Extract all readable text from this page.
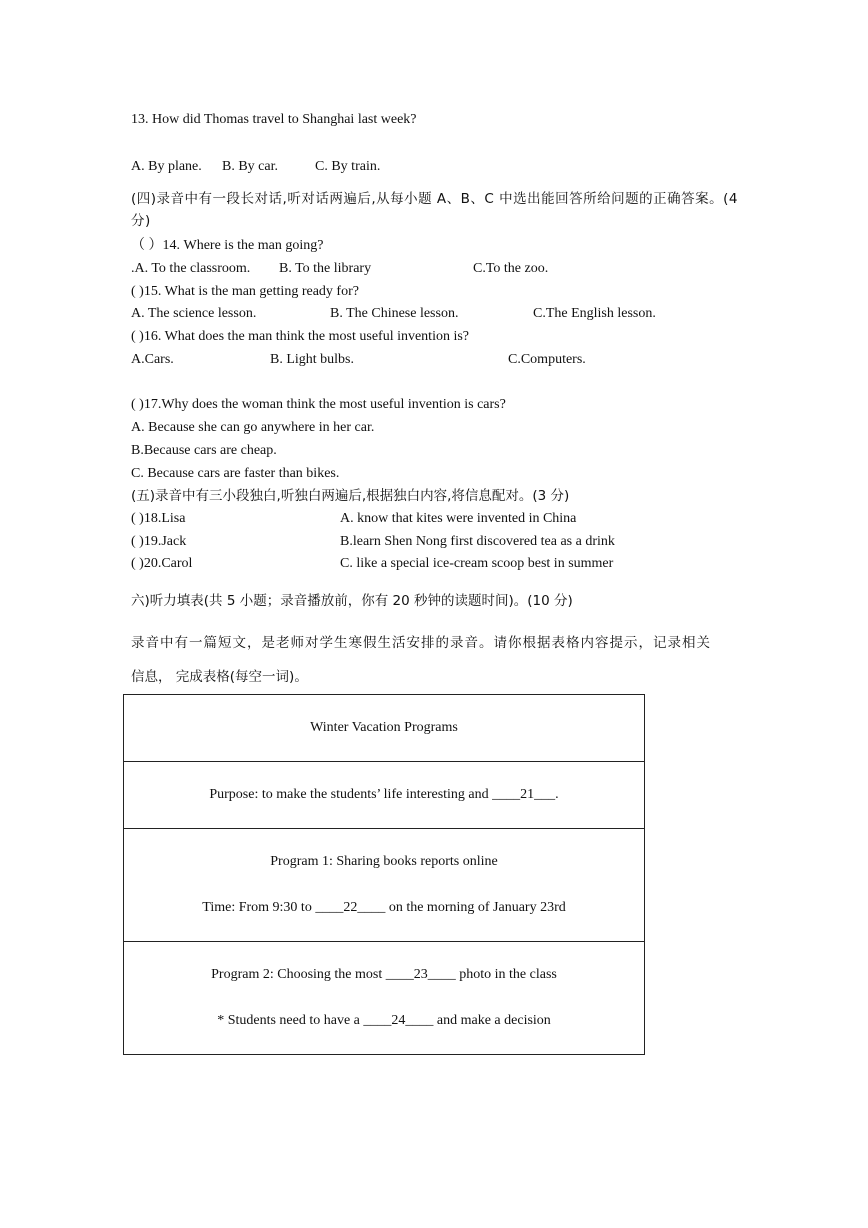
13. How did Thomas travel to Shanghai last week?
A. By plane. B. By car.	C. By train.
(四)录音中有一段长对话,听对话两遍后,从每小题 A、B、C 中选出能回答所给问题的正确答案。(4 分)
（ ）14. Where is the man going?
.A. To the classroom. B. To the library	C.To the zoo.
( )15. What is the man getting ready for?
A. The science lesson.	B. The Chinese lesson.	C.The English lesson.
( )16. What does the man think the most useful invention is?
A.Cars.	B. Light bulbs.	C.Computers.
( )17.Why does the woman think the most useful invention is cars?
A. Because she can go anywhere in her car.
B.Because cars are cheap.
C. Because cars are faster than bikes.
(五)录音中有三小段独白,听独白两遍后,根据独白内容,将信息配对。(3 分)
( )18.Lisa	A. know that kites were invented in China
( )19.Jack	B.learn Shen Nong first discovered tea as a drink
( )20.Carol	C. like a special ice-cream scoop best in summer
六)听力填表(共 5 小题；录音播放前，你有 20 秒钟的读题时间)。(10 分)
录音中有一篇短文，是老师对学生寒假生活安排的录音。请你根据表格内容提示，记录相关
信息， 完成表格(每空一词)。
Winter Vacation Programs

Purpose: to make the students’ life interesting and ____21___.

Program 1: Sharing books reports online
Time: From 9:30 to ____22____ on the morning of January 23rd

Program 2: Choosing the most ____23____ photo in the class
* Students need to have a ____24____ and make a decision
